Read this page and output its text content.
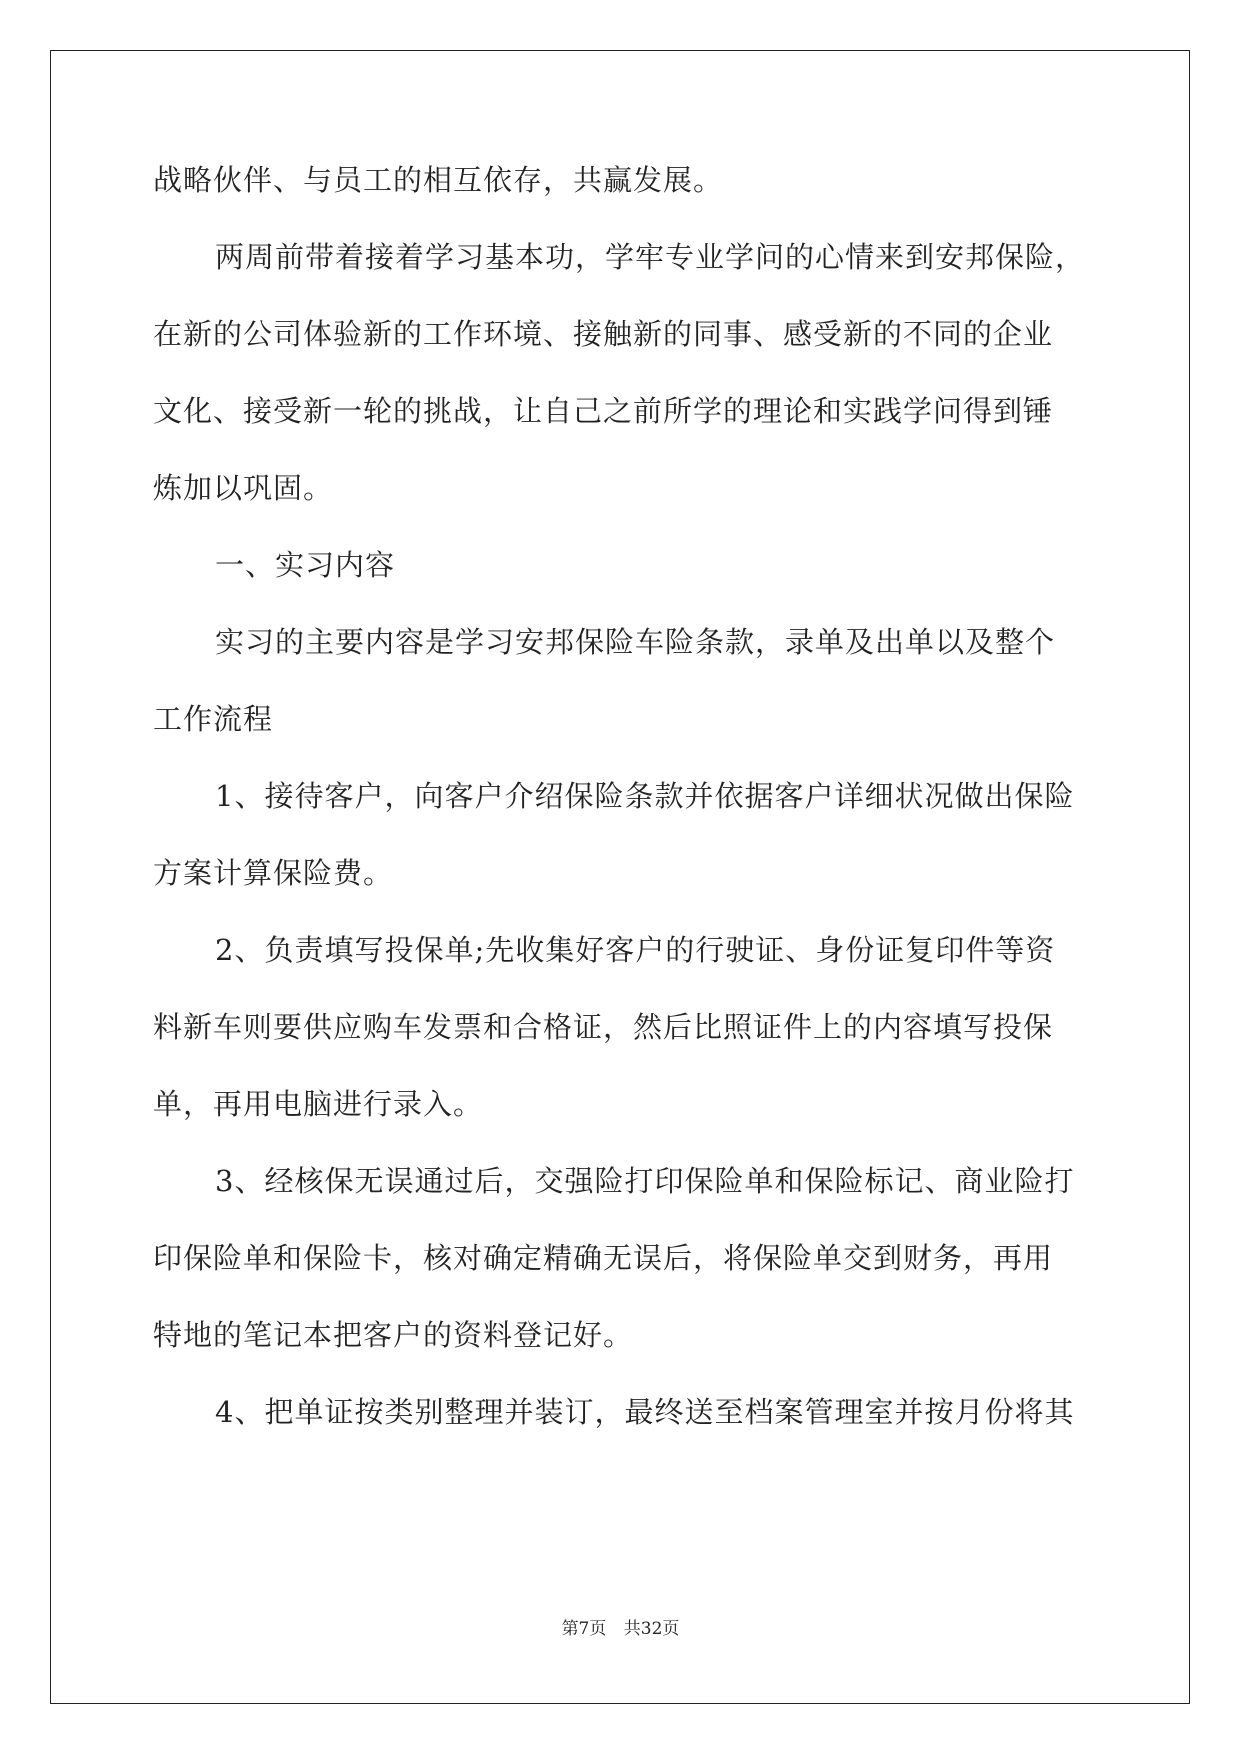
战略伙伴、与员工的相互依存，共赢发展。
两周前带着接着学习基本功，学牢专业学问的心情来到安邦保险，
在新的公司体验新的工作环境、接触新的同事、感受新的不同的企业
文化、接受新一轮的挑战，让自己之前所学的理论和实践学问得到锤
炼加以巩固。
一、实习内容
实习的主要内容是学习安邦保险车险条款，录单及出单以及整个
工作流程
1、接待客户，向客户介绍保险条款并依据客户详细状况做出保险
方案计算保险费。
2、负责填写投保单;先收集好客户的行驶证、身份证复印件等资
料新车则要供应购车发票和合格证，然后比照证件上的内容填写投保
单，再用电脑进行录入。
3、经核保无误通过后，交强险打印保险单和保险标记、商业险打
印保险单和保险卡，核对确定精确无误后，将保险单交到财务，再用
特地的笔记本把客户的资料登记好。
4、把单证按类别整理并装订，最终送至档案管理室并按月份将其
第7页 共32页
